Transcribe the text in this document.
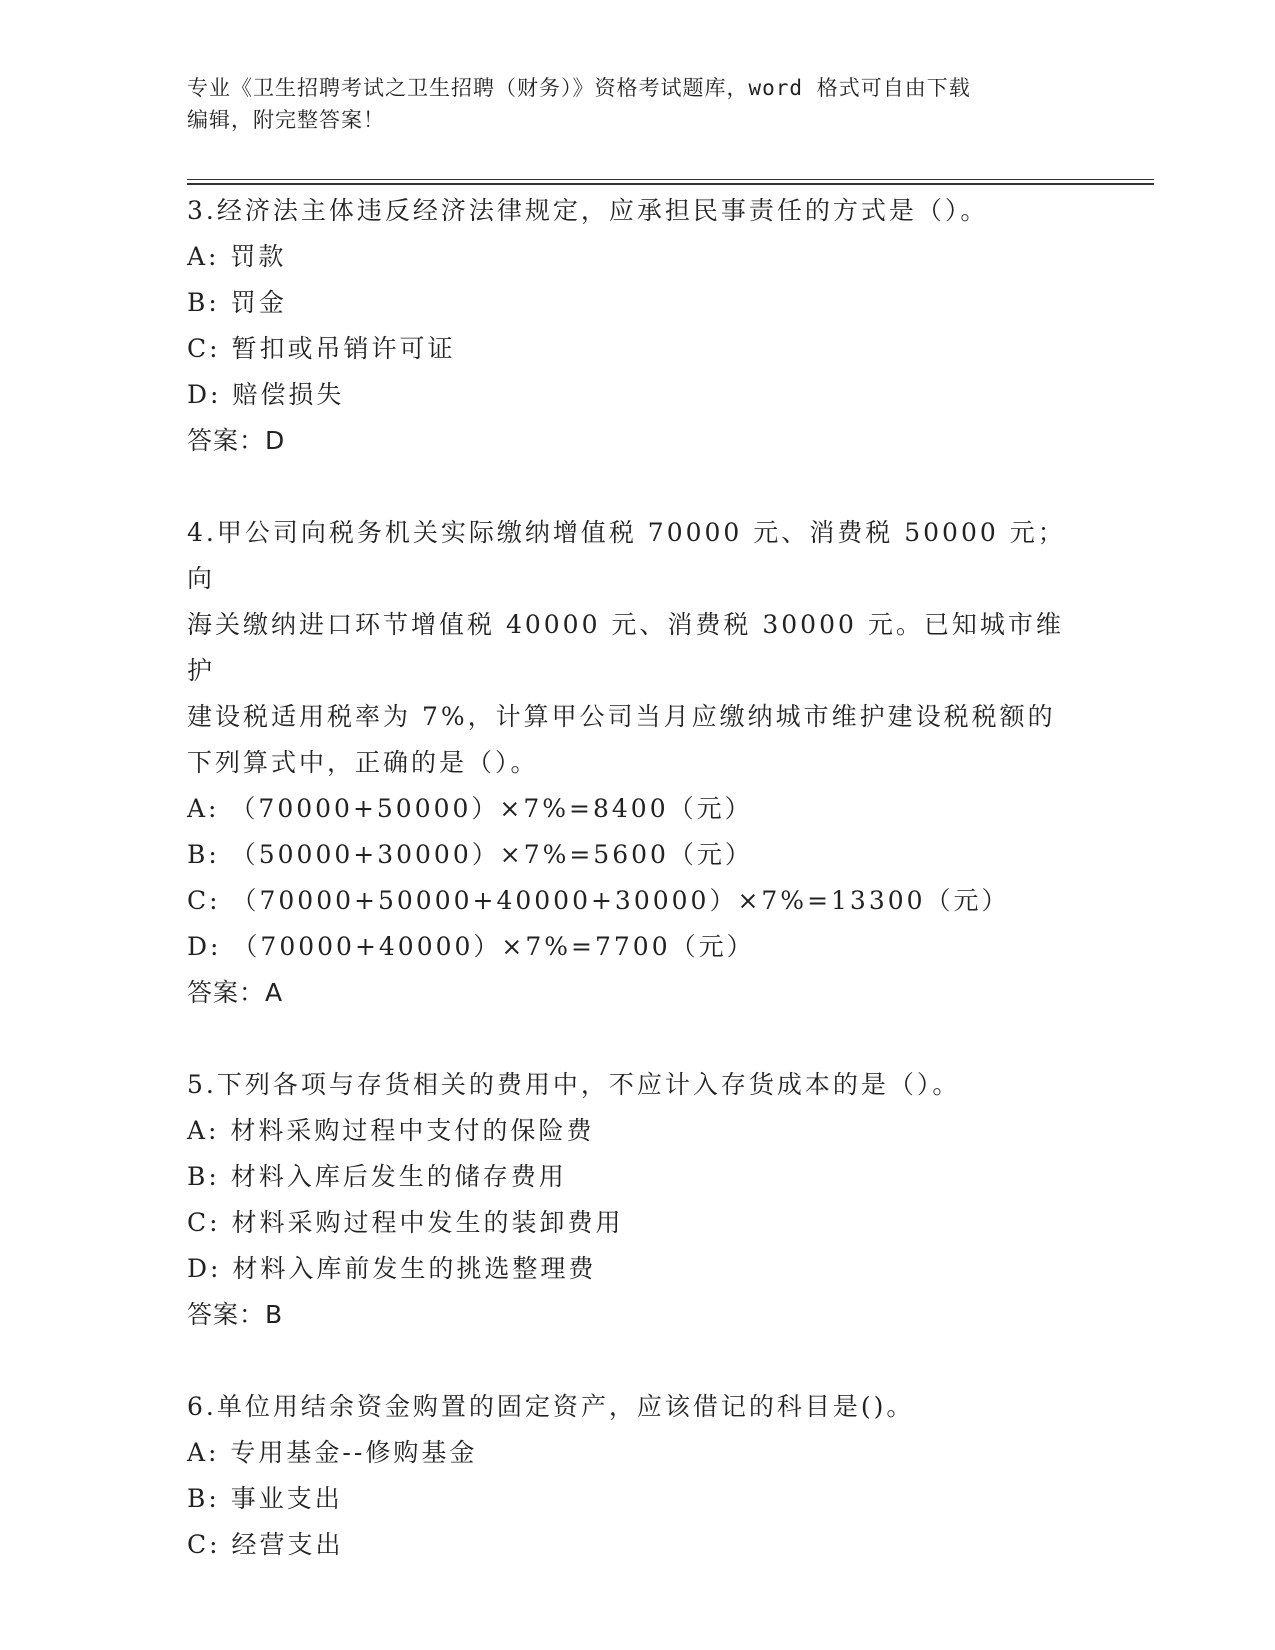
专业《卫生招聘考试之卫生招聘（财务）》资格考试题库，word 格式可自由下载
编辑，附完整答案！
3.经济法主体违反经济法律规定，应承担民事责任的方式是（）。
A: 罚款
B: 罚金
C: 暂扣或吊销许可证
D: 赔偿损失
答案：D
4.甲公司向税务机关实际缴纳增值税 70000 元、消费税 50000 元；向
海关缴纳进口环节增值税 40000 元、消费税 30000 元。已知城市维护
建设税适用税率为 7%，计算甲公司当月应缴纳城市维护建设税税额的
下列算式中，正确的是（）。
A: （70000+50000）×7%=8400（元）
B: （50000+30000）×7%=5600（元）
C: （70000+50000+40000+30000）×7%=13300（元）
D: （70000+40000）×7%=7700（元）
答案：A
5.下列各项与存货相关的费用中，不应计入存货成本的是（）。
A: 材料采购过程中支付的保险费
B: 材料入库后发生的储存费用
C: 材料采购过程中发生的装卸费用
D: 材料入库前发生的挑选整理费
答案：B
6.单位用结余资金购置的固定资产，应该借记的科目是()。
A: 专用基金--修购基金
B: 事业支出
C: 经营支出
